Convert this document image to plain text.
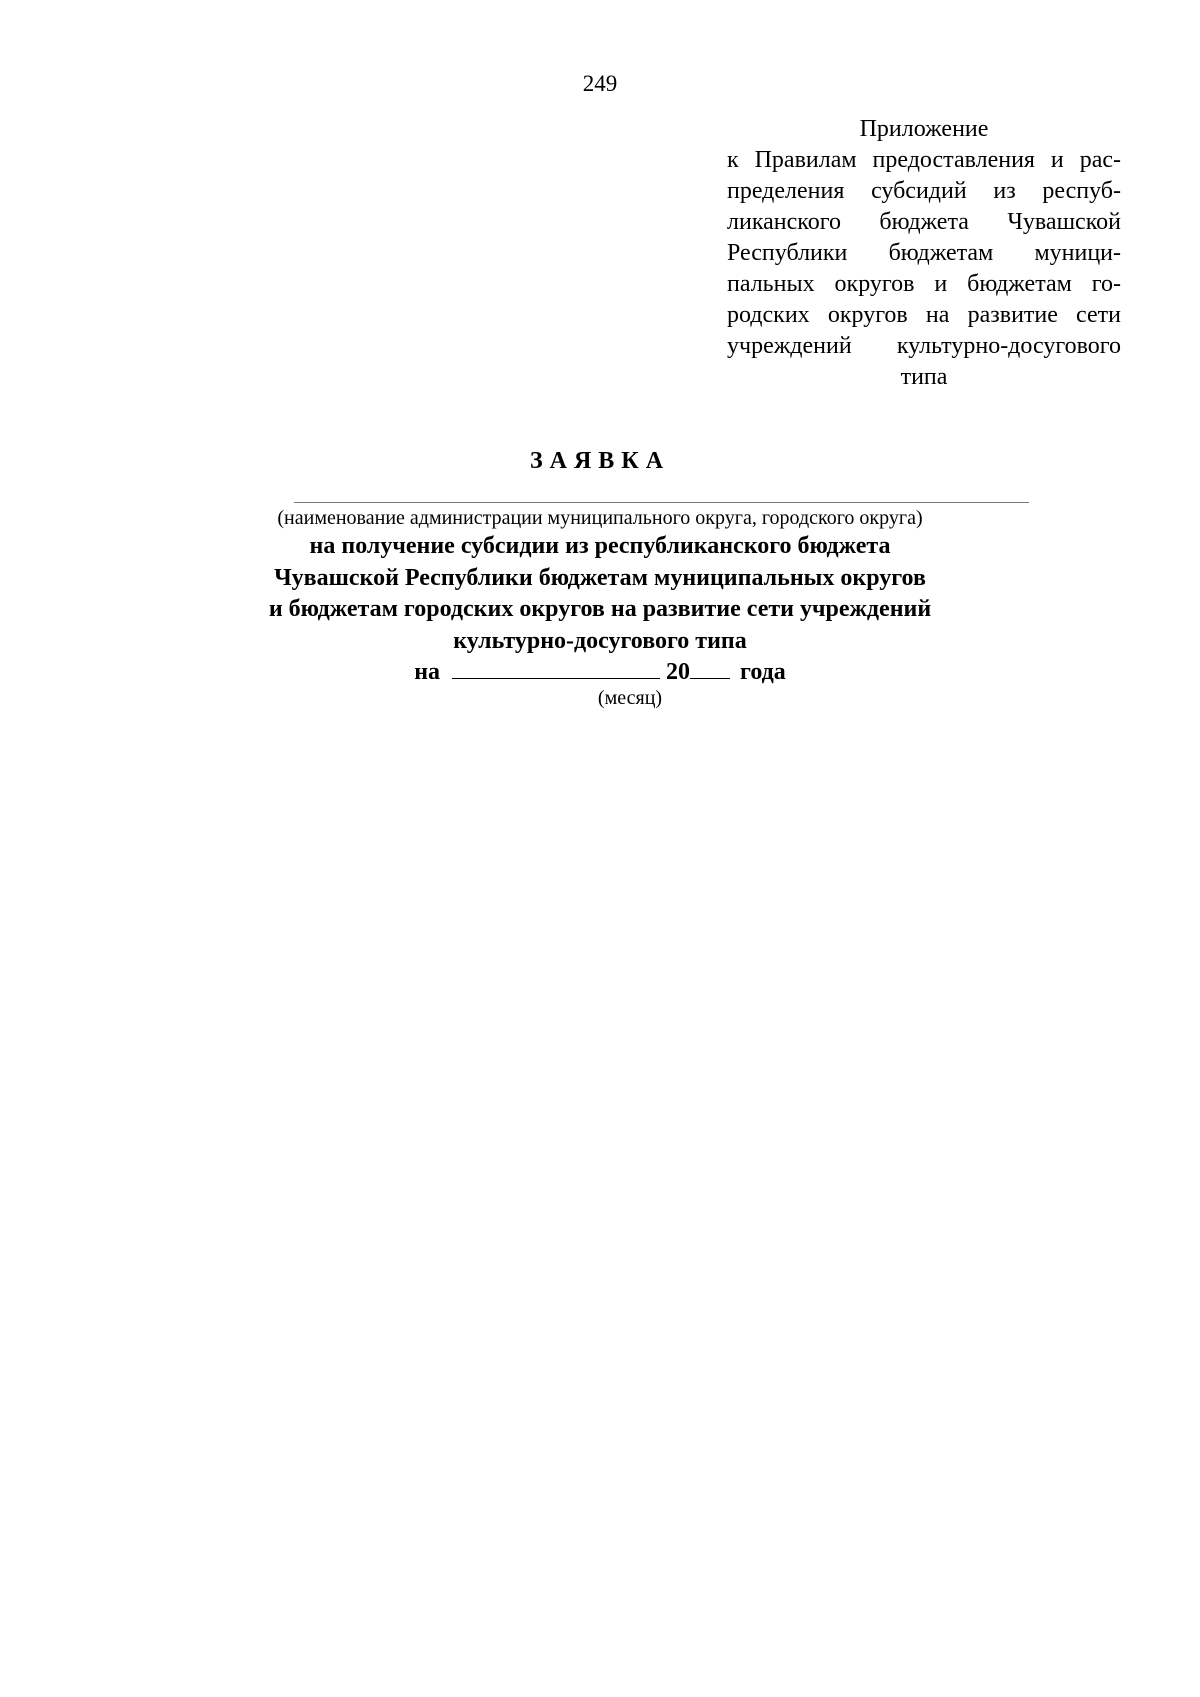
249

Приложение

к Правилам предоставления и рас-
пределения субсидий из респуб-
ликанского бюджета Чувашской
Республики бюджетам муници-
пальных округов и бюджетам го-
родских округов на развитие сети
учреждений культурно-досугового
типа
ЗАЯВКА
(наименование администрации муниципального округа, городского округа)
на получение субсидии из республиканского бюджета
Чувашской Республики бюджетам муниципальных округов
и бюджетам городских округов на развитие сети учреждений
культурно-досугового типа
на	20 года
(месяц)
